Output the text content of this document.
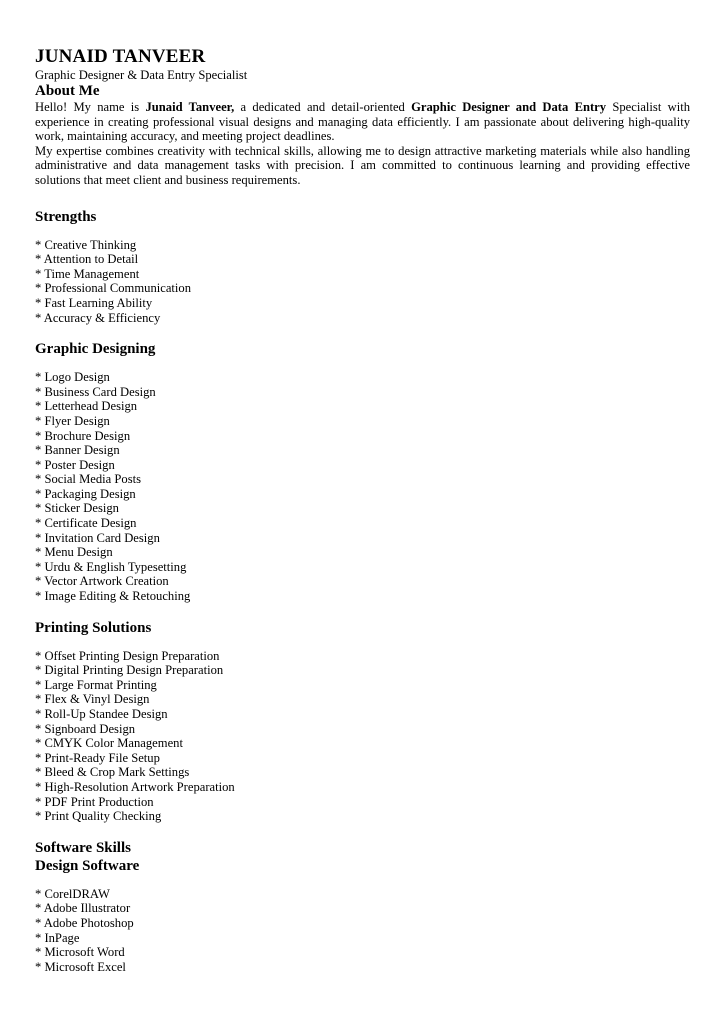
JUNAID TANVEER
Graphic Designer & Data Entry Specialist
About Me

Hello! My name is Junaid Tanveer, a dedicated and detail-oriented Graphic Designer and Data Entry Specialist with experience in creating professional visual designs and managing data efficiently. I am passionate about delivering high-quality work, maintaining accuracy, and meeting project deadlines.

My expertise combines creativity with technical skills, allowing me to design attractive marketing materials while also handling administrative and data management tasks with precision. I am committed to continuous learning and providing effective solutions that meet client and business requirements.

Strengths
* Creative Thinking
* Attention to Detail
* Time Management
* Professional Communication
* Fast Learning Ability
* Accuracy & Efficiency
Graphic Designing
* Logo Design
* Business Card Design
* Letterhead Design
* Flyer Design
* Brochure Design
* Banner Design
* Poster Design
* Social Media Posts
* Packaging Design
* Sticker Design
* Certificate Design
* Invitation Card Design
* Menu Design
* Urdu & English Typesetting
* Vector Artwork Creation
* Image Editing & Retouching
Printing Solutions
* Offset Printing Design Preparation
* Digital Printing Design Preparation
* Large Format Printing
* Flex & Vinyl Design
* Roll-Up Standee Design
* Signboard Design
* CMYK Color Management
* Print-Ready File Setup
* Bleed & Crop Mark Settings
* High-Resolution Artwork Preparation
* PDF Print Production
* Print Quality Checking
Software Skills
Design Software
* CorelDRAW
* Adobe Illustrator
* Adobe Photoshop
* InPage
* Microsoft Word
* Microsoft Excel
